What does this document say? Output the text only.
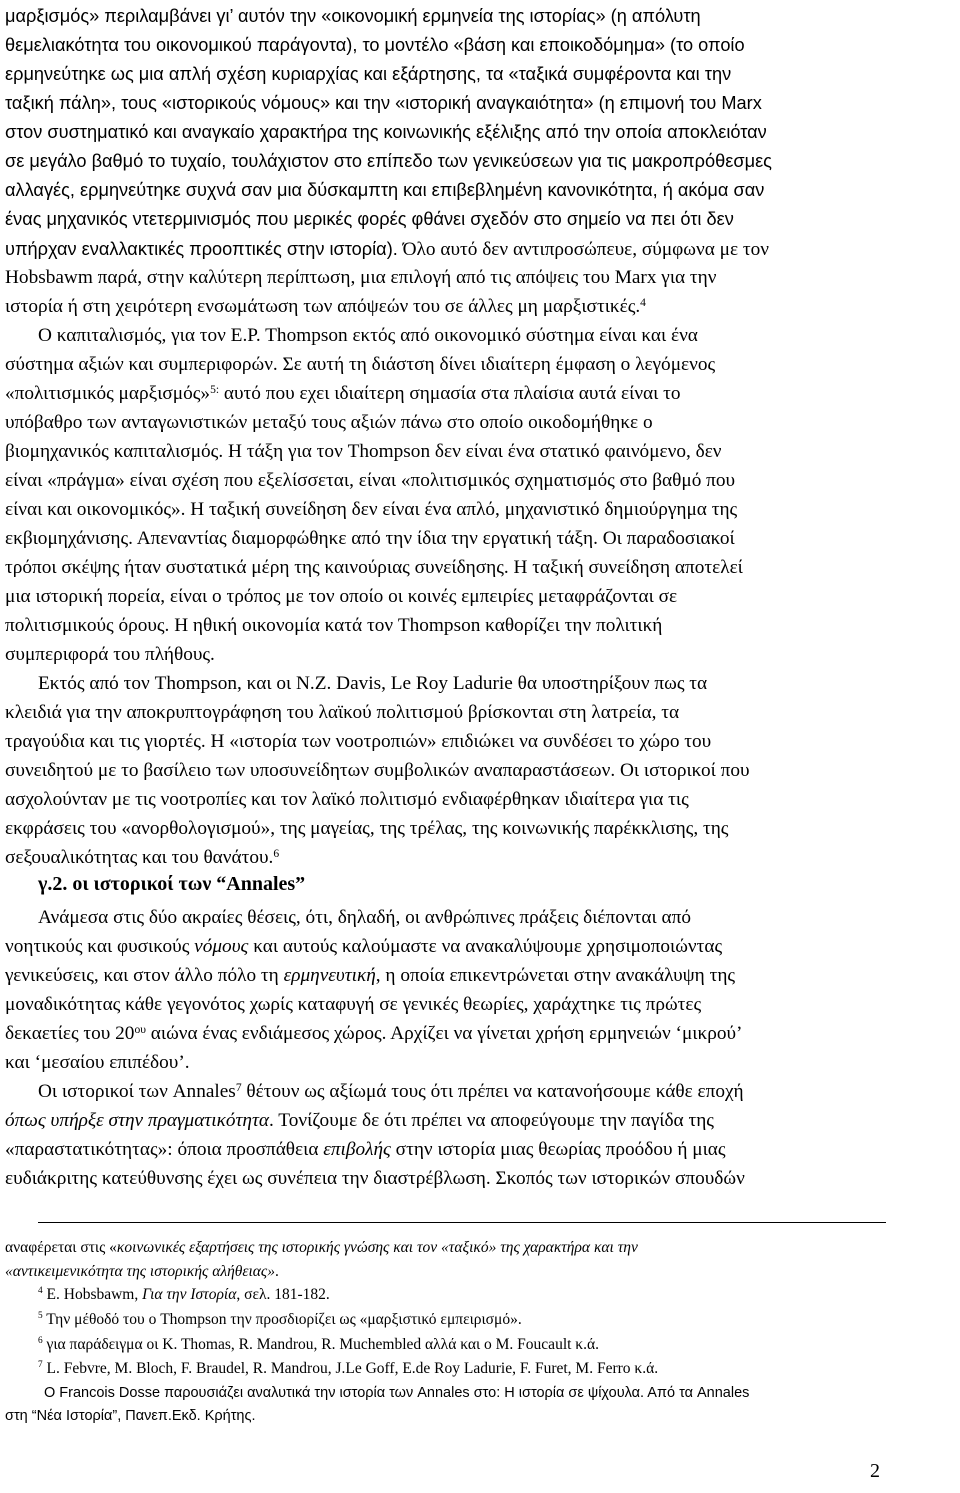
μαρξισμός» περιλαμβάνει γι’ αυτόν την «οικονομική ερμηνεία της ιστορίας» (η απόλυτη
θεμελιακότητα του οικονομικού παράγοντα), το μοντέλο «βάση και εποικοδόμημα» (το οποίο
ερμηνεύτηκε ως μια απλή σχέση κυριαρχίας και εξάρτησης, τα «ταξικά συμφέροντα και την
ταξική πάλη», τους «ιστορικούς νόμους» και την «ιστορική αναγκαιότητα» (η επιμονή του Marx
στον συστηματικό και αναγκαίο χαρακτήρα της κοινωνικής εξέλιξης από την οποία αποκλειόταν
σε μεγάλο βαθμό το τυχαίο, τουλάχιστον στο επίπεδο των γενικεύσεων για τις μακροπρόθεσμες
αλλαγές, ερμηνεύτηκε συχνά σαν μια δύσκαμπτη και επιβεβλημένη κανονικότητα, ή ακόμα σαν
ένας μηχανικός ντετερμινισμός που μερικές φορές φθάνει σχεδόν στο σημείο να πει ότι δεν
υπήρχαν εναλλακτικές προοπτικές στην ιστορία). Όλο αυτό δεν αντιπροσώπευε, σύμφωνα με τον
Hobsbawm παρά, στην καλύτερη περίπτωση, μια επιλογή από τις απόψεις του Marx για την
ιστορία ή στη χειρότερη ενσωμάτωση των απόψεών του σε άλλες μη μαρξιστικές.$^4$
Ο καπιταλισμός, για τον E.P. Thompson εκτός από οικονομικό σύστημα είναι και ένα
σύστημα αξιών και συμπεριφορών. Σε αυτή τη διάστση δίνει ιδιαίτερη έμφαση ο λεγόμενος
«πολιτισμικός μαρξισμός»$^{5:}$ αυτό που εχει ιδιαίτερη σημασία στα πλαίσια αυτά είναι το
υπόβαθρο των ανταγωνιστικών μεταξύ τους αξιών πάνω στο οποίο οικοδομήθηκε ο
βιομηχανικός καπιταλισμός. Η τάξη για τον Thompson δεν είναι ένα στατικό φαινόμενο, δεν
είναι «πράγμα» είναι σχέση που εξελίσσεται, είναι «πολιτισμικός σχηματισμός στο βαθμό που
είναι και οικονομικός». Η ταξική συνείδηση δεν είναι ένα απλό, μηχανιστικό δημιούργημα της
εκβιομηχάνισης. Απεναντίας διαμορφώθηκε από την ίδια την εργατική τάξη. Οι παραδοσιακοί
τρόποι σκέψης ήταν συστατικά μέρη της καινούριας συνείδησης. Η ταξική συνείδηση αποτελεί
μια ιστορική πορεία, είναι ο τρόπος με τον οποίο οι κοινές εμπειρίες μεταφράζονται σε
πολιτισμικούς όρους. Η ηθική οικονομία κατά τον Thompson καθορίζει την πολιτική
συμπεριφορά του πλήθους.
Εκτός από τον Thompson, και οι N.Z. Davis, Le Roy Ladurie θα υποστηρίξουν πως τα
κλειδιά για την αποκρυπτογράφηση του λαϊκού πολιτισμού βρίσκονται στη λατρεία, τα
τραγούδια και τις γιορτές. Η «ιστορία των νοοτροπιών» επιδιώκει να συνδέσει το χώρο του
συνειδητού με το βασίλειο των υποσυνείδητων συμβολικών αναπαραστάσεων. Οι ιστορικοί που
ασχολούνταν με τις νοοτροπίες και τον λαϊκό πολιτισμό ενδιαφέρθηκαν ιδιαίτερα για τις
εκφράσεις του «ανορθολογισμού», της μαγείας, της τρέλας, της κοινωνικής παρέκκλισης, της
σεξουαλικότητας και του θανάτου.$^6$
γ.2. οι ιστορικοί των “Annales”
Ανάμεσα στις δύο ακραίες θέσεις, ότι, δηλαδή, οι ανθρώπινες πράξεις διέπονται από
νοητικούς και φυσικούς νόμους και αυτούς καλούμαστε να ανακαλύψουμε χρησιμοποιώντας
γενικεύσεις, και στον άλλο πόλο τη ερμηνευτική, η οποία επικεντρώνεται στην ανακάλυψη της
μοναδικότητας κάθε γεγονότος χωρίς καταφυγή σε γενικές θεωρίες, χαράχτηκε τις πρώτες
δεκαετίες του $20^{o\upsilon}$ αιώνα ένας ενδιάμεσος χώρος. Αρχίζει να γίνεται χρήση ερμηνειών ‘μικρού’
και ‘μεσαίου επιπέδου’.
Οι ιστορικοί των Annales$^7$ θέτουν ως αξίωμά τους ότι πρέπει να κατανοήσουμε κάθε εποχή
όπως υπήρξε στην πραγματικότητα. Τονίζουμε δε ότι πρέπει να αποφεύγουμε την παγίδα της
«παραστατικότητας»: όποια προσπάθεια επιβολής στην ιστορία μιας θεωρίας προόδου ή μιας
ευδιάκριτης κατεύθυνσης έχει ως συνέπεια την διαστρέβλωση. Σκοπός των ιστορικών σπουδών
αναφέρεται στις «κοινωνικές εξαρτήσεις της ιστορικής γνώσης και τον «ταξικό» της χαρακτήρα και την
«αντικειμενικότητα της ιστορικής αλήθειας».
$^4$ E. Hobsbawm, Για την Ιστορία, σελ. 181-182.
$^5$ Την μέθοδό του ο Thompson την προσδιορίζει ως «μαρξιστικό εμπειρισμό».
$^6$ για παράδειγμα οι K. Thomas, R. Mandrou, R. Muchembled αλλά και ο M. Foucault κ.ά.
$^7$ L. Febvre, M. Bloch, F. Braudel, R. Mandrou, J.Le Goff, E.de Roy Ladurie, F. Furet, M. Ferro κ.ά.
Ο Francois Dosse παρουσιάζει αναλυτικά την ιστορία των Annales στο: Η ιστορία σε ψίχουλα. Από τα Annales
στη “Νέα Ιστορία”, Πανεπ.Εκδ. Κρήτης.
2
